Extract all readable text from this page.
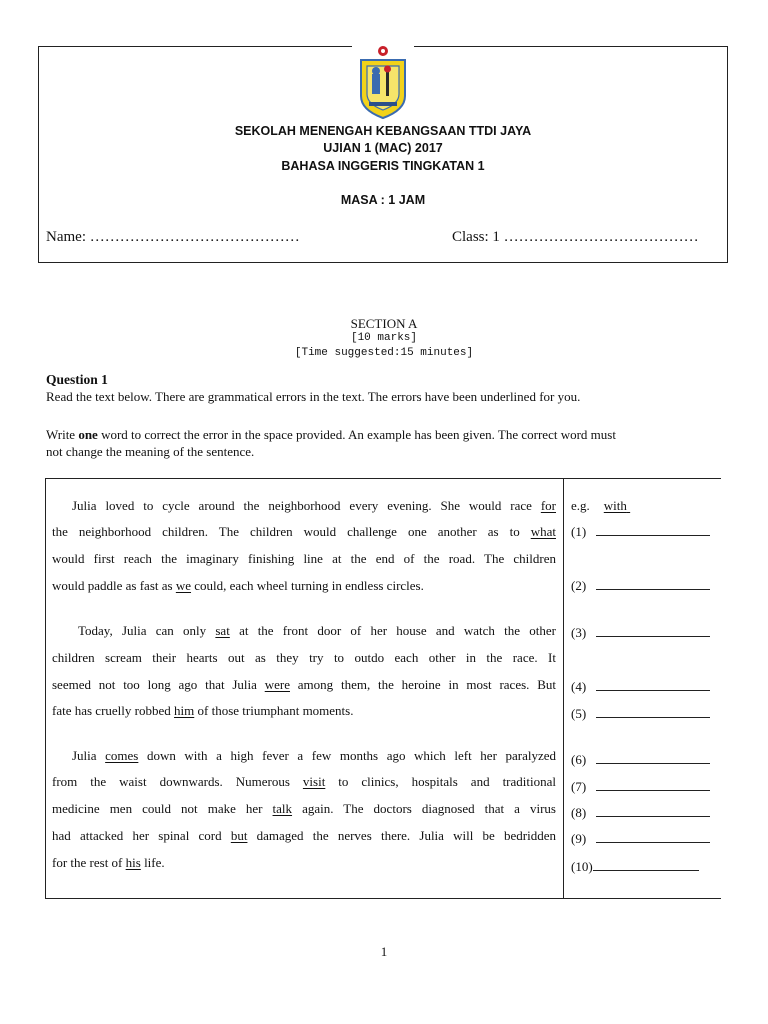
SEKOLAH MENENGAH KEBANGSAAN TTDI JAYA
UJIAN 1 (MAC) 2017
BAHASA INGGERIS TINGKATAN 1
MASA : 1 JAM
Name: ……………………………………	Class: 1 …………………………………
SECTION A
[10 marks]
[Time suggested:15 minutes]
Question 1
Read the text below. There are grammatical errors in the text. The errors have been underlined for you.
Write one word to correct the error in the space provided. An example has been given. The correct word must
not change the meaning of the sentence.
Julia loved to cycle around the neighborhood every evening. She would race for
the neighborhood children. The children would challenge one another as to what
would first reach the imaginary finishing line at the end of the road. The children
would paddle as fast as we could, each wheel turning in endless circles.
Today, Julia can only sat at the front door of her house and watch the other
children scream their hearts out as they try to outdo each other in the race. It
seemed not too long ago that Julia were among them, the heroine in most races. But
fate has cruelly robbed him of those triumphant moments.
Julia comes down with a high fever a few months ago which left her paralyzed
from the waist downwards. Numerous visit to clinics, hospitals and traditional
medicine men could not make her talk again. The doctors diagnosed that a virus
had attacked her spinal cord but damaged the nerves there. Julia will be bedridden
for the rest of his life.
e.g. with
(1)
(2)
(3)
(4)
(5)
(6)
(7)
(8)
(9)
(10)
1
